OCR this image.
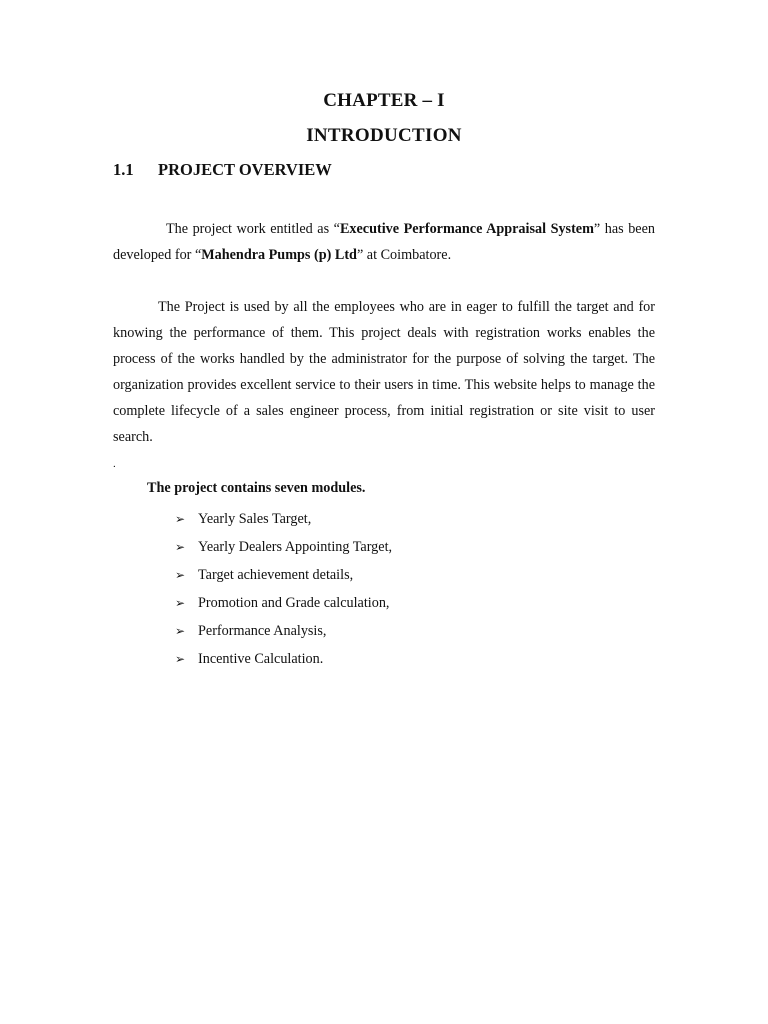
CHAPTER – I
INTRODUCTION
1.1 PROJECT OVERVIEW
The project work entitled as “Executive Performance Appraisal System” has been developed for “Mahendra Pumps (p) Ltd” at Coimbatore.
The Project is used by all the employees who are in eager to fulfill the target and for knowing the performance of them. This project deals with registration works enables the process of the works handled by the administrator for the purpose of solving the target. The organization provides excellent service to their users in time. This website helps to manage the complete lifecycle of a sales engineer process, from initial registration or site visit to user search.
.
The project contains seven modules.
➢ Yearly Sales Target,
➢ Yearly Dealers Appointing Target,
➢ Target achievement details,
➢ Promotion and Grade calculation,
➢ Performance Analysis,
➢ Incentive Calculation.
